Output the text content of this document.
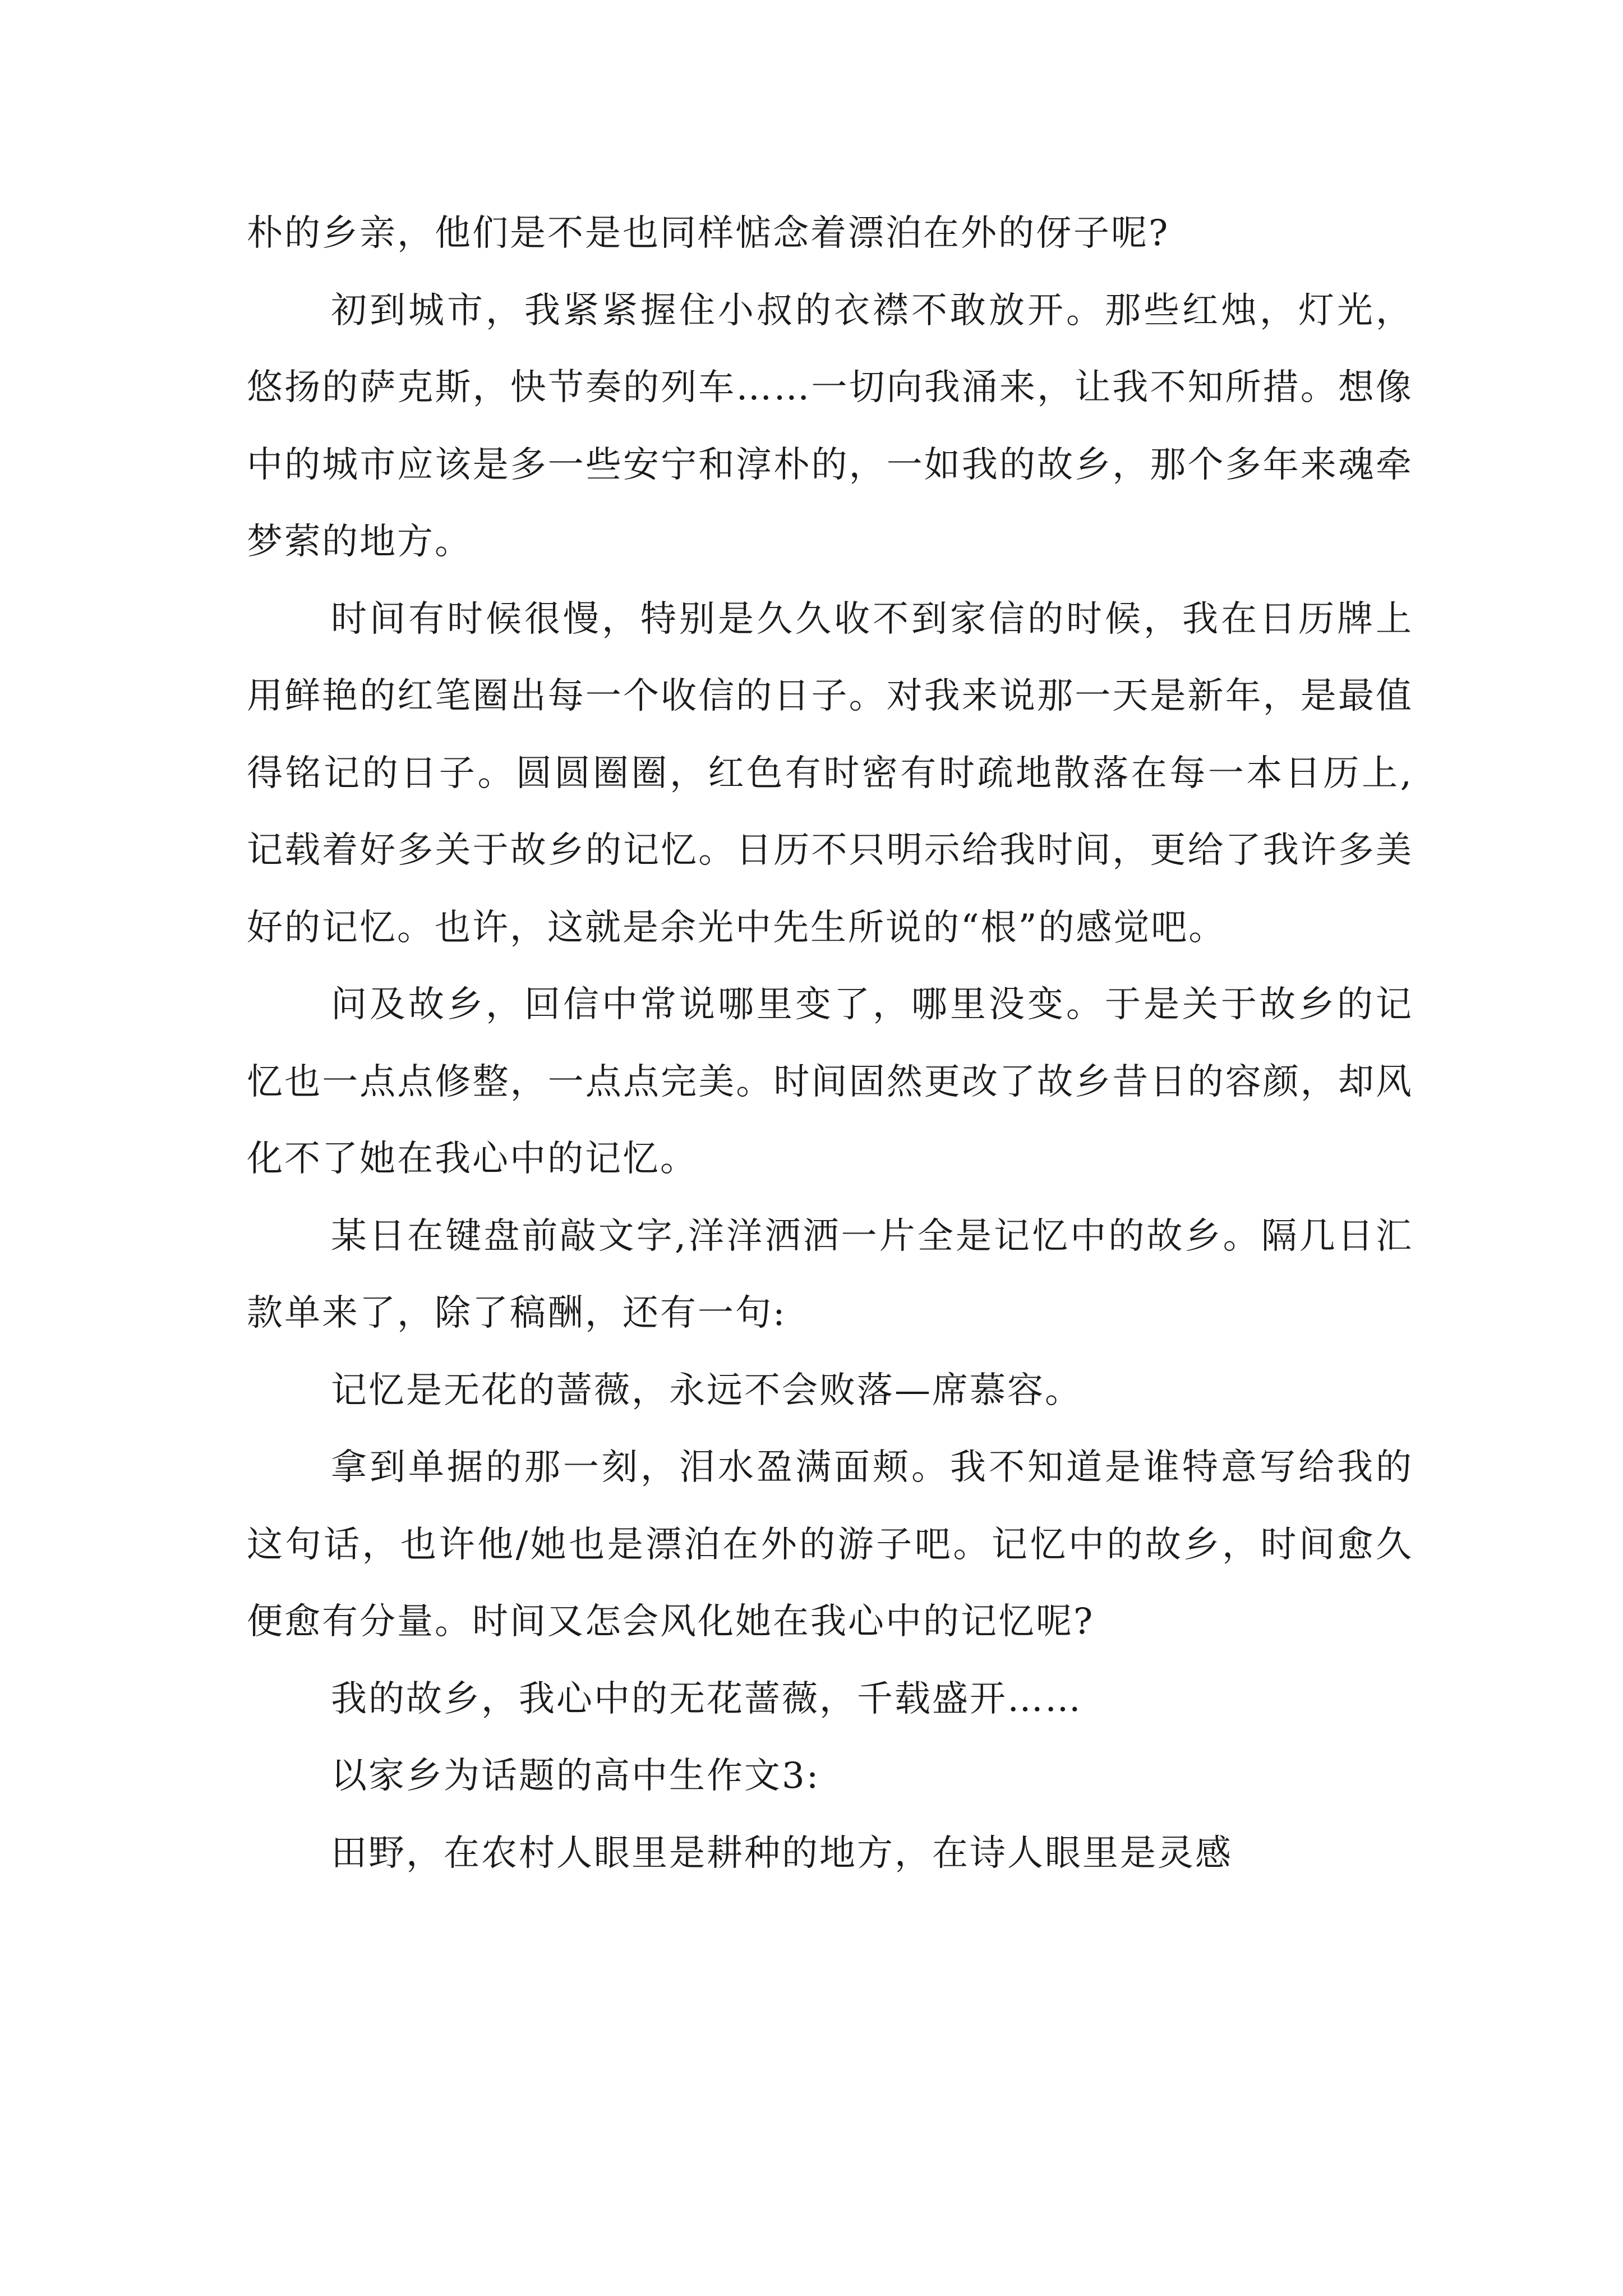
朴的乡亲，他们是不是也同样惦念着漂泊在外的伢子呢?

初到城市，我紧紧握住小叔的衣襟不敢放开。那些红烛，灯光，悠扬的萨克斯，快节奏的列车……一切向我涌来，让我不知所措。想像中的城市应该是多一些安宁和淳朴的，一如我的故乡，那个多年来魂牵梦萦的地方。

时间有时候很慢，特别是久久收不到家信的时候，我在日历牌上用鲜艳的红笔圈出每一个收信的日子。对我来说那一天是新年，是最值得铭记的日子。圆圆圈圈，红色有时密有时疏地散落在每一本日历上,记载着好多关于故乡的记忆。日历不只明示给我时间，更给了我许多美好的记忆。也许，这就是余光中先生所说的“根”的感觉吧。

问及故乡，回信中常说哪里变了，哪里没变。于是关于故乡的记忆也一点点修整，一点点完美。时间固然更改了故乡昔日的容颜，却风化不了她在我心中的记忆。

某日在键盘前敲文字,洋洋洒洒一片全是记忆中的故乡。隔几日汇款单来了，除了稿酬，还有一句:

记忆是无花的蔷薇，永远不会败落—席慕容。

拿到单据的那一刻，泪水盈满面颊。我不知道是谁特意写给我的这句话，也许他/她也是漂泊在外的游子吧。记忆中的故乡，时间愈久便愈有分量。时间又怎会风化她在我心中的记忆呢?

我的故乡，我心中的无花蔷薇，千载盛开……

以家乡为话题的高中生作文3:

田野，在农村人眼里是耕种的地方，在诗人眼里是灵感
